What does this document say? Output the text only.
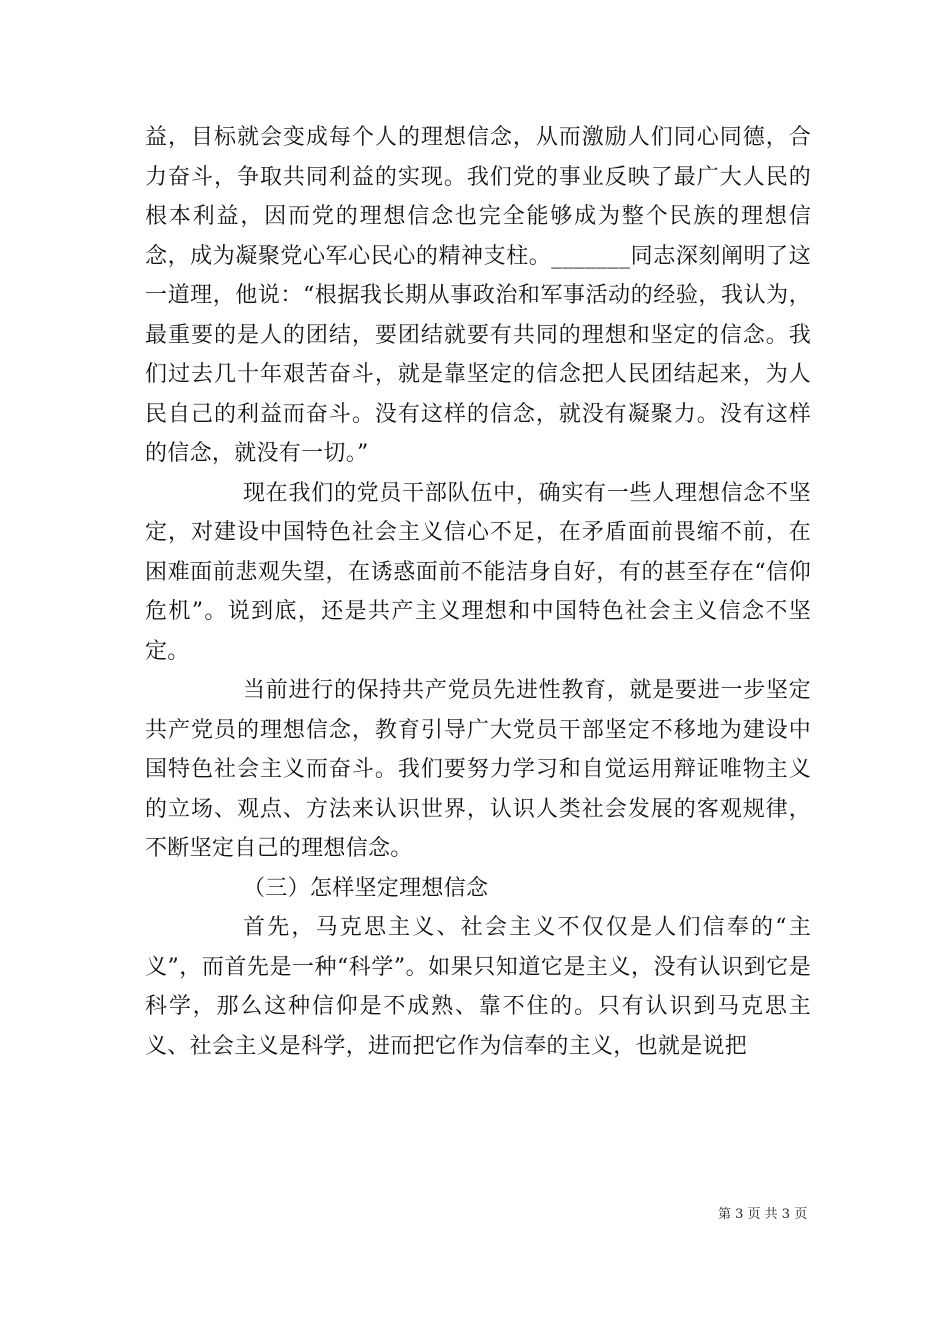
益，目标就会变成每个人的理想信念，从而激励人们同心同德，合力奋斗，争取共同利益的实现。我们党的事业反映了最广大人民的根本利益，因而党的理想信念也完全能够成为整个民族的理想信念，成为凝聚党心军心民心的精神支柱。_______同志深刻阐明了这一道理，他说：“根据我长期从事政治和军事活动的经验，我认为，最重要的是人的团结，要团结就要有共同的理想和坚定的信念。我们过去几十年艰苦奋斗，就是靠坚定的信念把人民团结起来，为人民自己的利益而奋斗。没有这样的信念，就没有凝聚力。没有这样的信念，就没有一切。”

现在我们的党员干部队伍中，确实有一些人理想信念不坚定，对建设中国特色社会主义信心不足，在矛盾面前畏缩不前，在困难面前悲观失望，在诱惑面前不能洁身自好，有的甚至存在“信仰危机”。说到底，还是共产主义理想和中国特色社会主义信念不坚定。

当前进行的保持共产党员先进性教育，就是要进一步坚定共产党员的理想信念，教育引导广大党员干部坚定不移地为建设中国特色社会主义而奋斗。我们要努力学习和自觉运用辩证唯物主义的立场、观点、方法来认识世界，认识人类社会发展的客观规律，不断坚定自己的理想信念。

（三）怎样坚定理想信念

首先，马克思主义、社会主义不仅仅是人们信奉的“主义”，而首先是一种“科学”。如果只知道它是主义，没有认识到它是科学，那么这种信仰是不成熟、靠不住的。只有认识到马克思主义、社会主义是科学，进而把它作为信奉的主义，也就是说把

第 3 页 共 3 页
